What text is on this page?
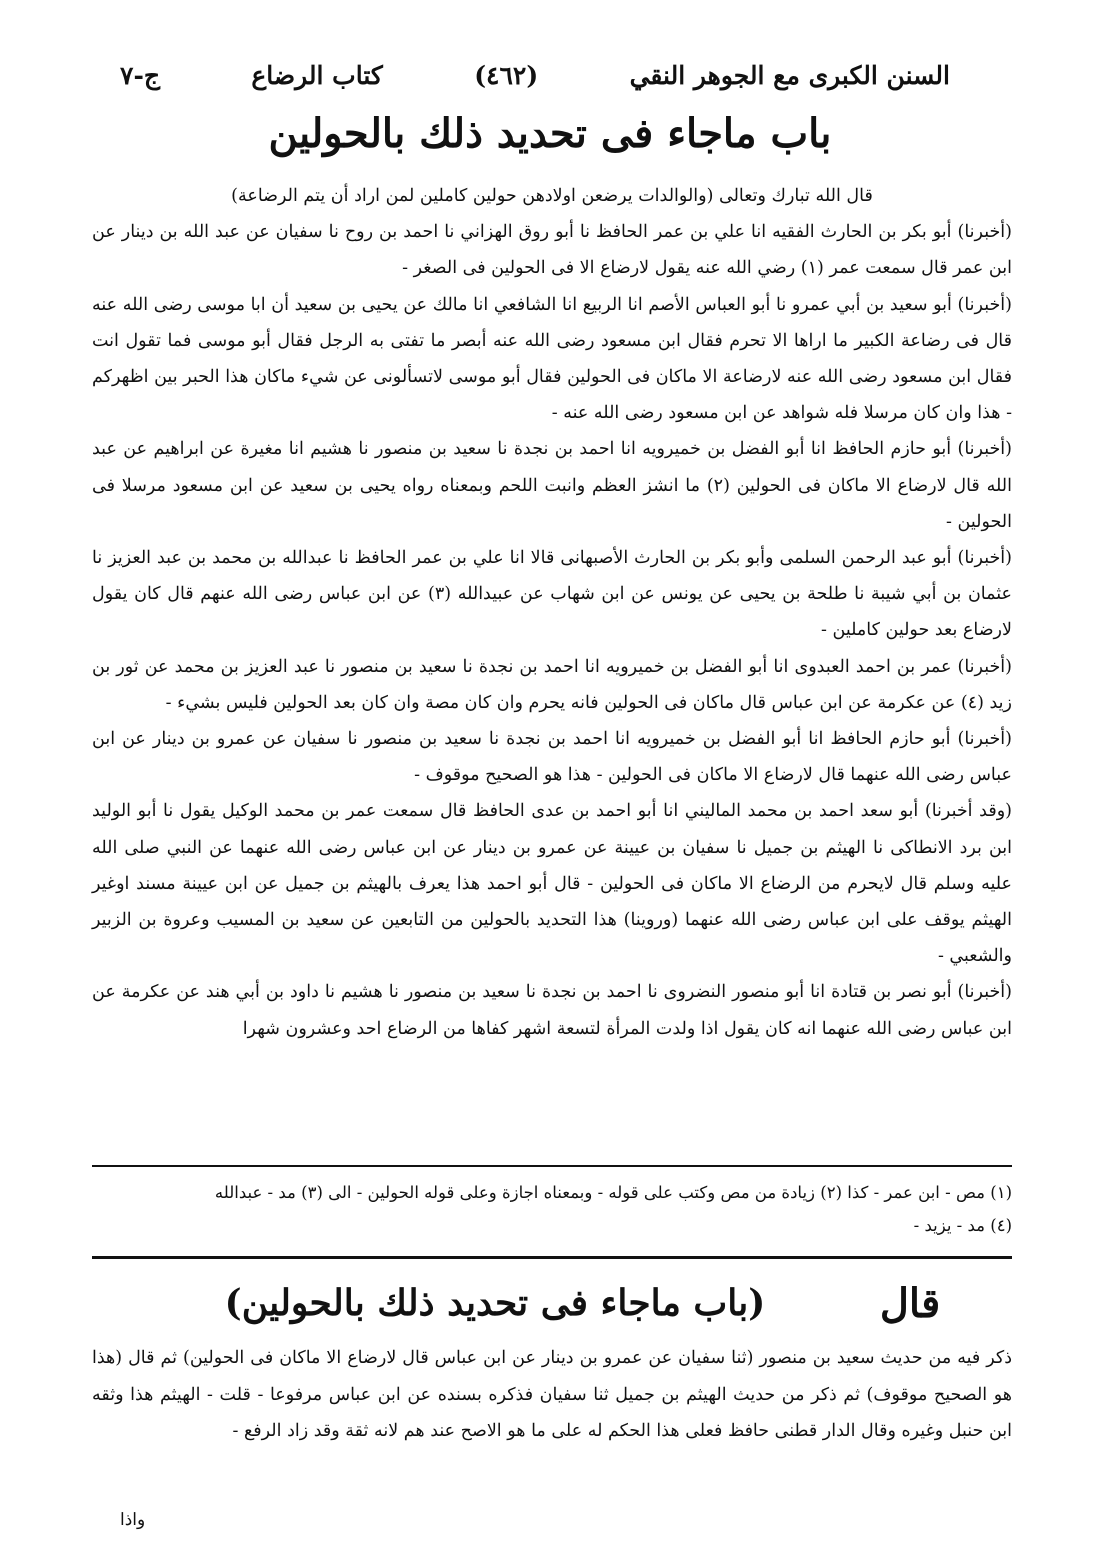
السنن الكبرى مع الجوهر النقي
(٤٦٢)
كتاب الرضاع
ج-٧
باب ماجاء فى تحديد ذلك بالحولين

قال الله تبارك وتعالى (والوالدات يرضعن اولادهن حولين كاملين لمن اراد أن يتم الرضاعة)

(أخبرنا) أبو بكر بن الحارث الفقيه انا علي بن عمر الحافظ نا أبو روق الهزاني نا احمد بن روح نا سفيان عن عبد الله بن دينار عن ابن عمر قال سمعت عمر (١) رضي الله عنه يقول لارضاع الا فى الحولين فى الصغر -

(أخبرنا) أبو سعيد بن أبي عمرو نا أبو العباس الأصم انا الربيع انا الشافعي انا مالك عن يحيى بن سعيد أن ابا موسى رضى الله عنه قال فى رضاعة الكبير ما اراها الا تحرم فقال ابن مسعود رضى الله عنه أبصر ما تفتى به الرجل فقال أبو موسى فما تقول انت فقال ابن مسعود رضى الله عنه لارضاعة الا ماكان فى الحولين فقال أبو موسى لاتسألونى عن شيء ماكان هذا الحبر بين اظهركم - هذا وان كان مرسلا فله شواهد عن ابن مسعود رضى الله عنه -

(أخبرنا) أبو حازم الحافظ انا أبو الفضل بن خميرويه انا احمد بن نجدة نا سعيد بن منصور نا هشيم انا مغيرة عن ابراهيم عن عبد الله قال لارضاع الا ماكان فى الحولين (٢) ما انشز العظم وانبت اللحم وبمعناه رواه يحيى بن سعيد عن ابن مسعود مرسلا فى الحولين -

(أخبرنا) أبو عبد الرحمن السلمى وأبو بكر بن الحارث الأصبهانى قالا انا علي بن عمر الحافظ نا عبدالله بن محمد بن عبد العزيز نا عثمان بن أبي شيبة نا طلحة بن يحيى عن يونس عن ابن شهاب عن عبيدالله (٣) عن ابن عباس رضى الله عنهم قال كان يقول لارضاع بعد حولين كاملين -

(أخبرنا) عمر بن احمد العبدوى انا أبو الفضل بن خميرويه انا احمد بن نجدة نا سعيد بن منصور نا عبد العزيز بن محمد عن ثور بن زيد (٤) عن عكرمة عن ابن عباس قال ماكان فى الحولين فانه يحرم وان كان مصة وان كان بعد الحولين فليس بشيء -

(أخبرنا) أبو حازم الحافظ انا أبو الفضل بن خميرويه انا احمد بن نجدة نا سعيد بن منصور نا سفيان عن عمرو بن دينار عن ابن عباس رضى الله عنهما قال لارضاع الا ماكان فى الحولين - هذا هو الصحيح موقوف -

(وقد أخبرنا) أبو سعد احمد بن محمد الماليني انا أبو احمد بن عدى الحافظ قال سمعت عمر بن محمد الوكيل يقول نا أبو الوليد ابن برد الانطاكى نا الهيثم بن جميل نا سفيان بن عيينة عن عمرو بن دينار عن ابن عباس رضى الله عنهما عن النبي صلى الله عليه وسلم قال لايحرم من الرضاع الا ماكان فى الحولين - قال أبو احمد هذا يعرف بالهيثم بن جميل عن ابن عيينة مسند اوغير الهيثم يوقف على ابن عباس رضى الله عنهما (وروينا) هذا التحديد بالحولين من التابعين عن سعيد بن المسيب وعروة بن الزبير والشعبي -

(أخبرنا) أبو نصر بن قتادة انا أبو منصور النضروى نا احمد بن نجدة نا سعيد بن منصور نا هشيم نا داود بن أبي هند عن عكرمة عن ابن عباس رضى الله عنهما انه كان يقول اذا ولدت المرأة لتسعة اشهر كفاها من الرضاع احد وعشرون شهرا

(١) مص - ابن عمر - كذا (٢) زيادة من مص وكتب على قوله - وبمعناه اجازة وعلى قوله الحولين - الى (٣) مد - عبدالله

(٤) مد - يزيد -

قال
(باب ماجاء فى تحديد ذلك بالحولين)

ذكر فيه من حديث سعيد بن منصور (ثنا سفيان عن عمرو بن دينار عن ابن عباس قال لارضاع الا ماكان فى الحولين) ثم قال (هذا هو الصحيح موقوف) ثم ذكر من حديث الهيثم بن جميل ثنا سفيان فذكره بسنده عن ابن عباس مرفوعا - قلت - الهيثم هذا وثقه ابن حنبل وغيره وقال الدار قطنى حافظ فعلى هذا الحكم له على ما هو الاصح عند هم لانه ثقة وقد زاد الرفع -

واذا
